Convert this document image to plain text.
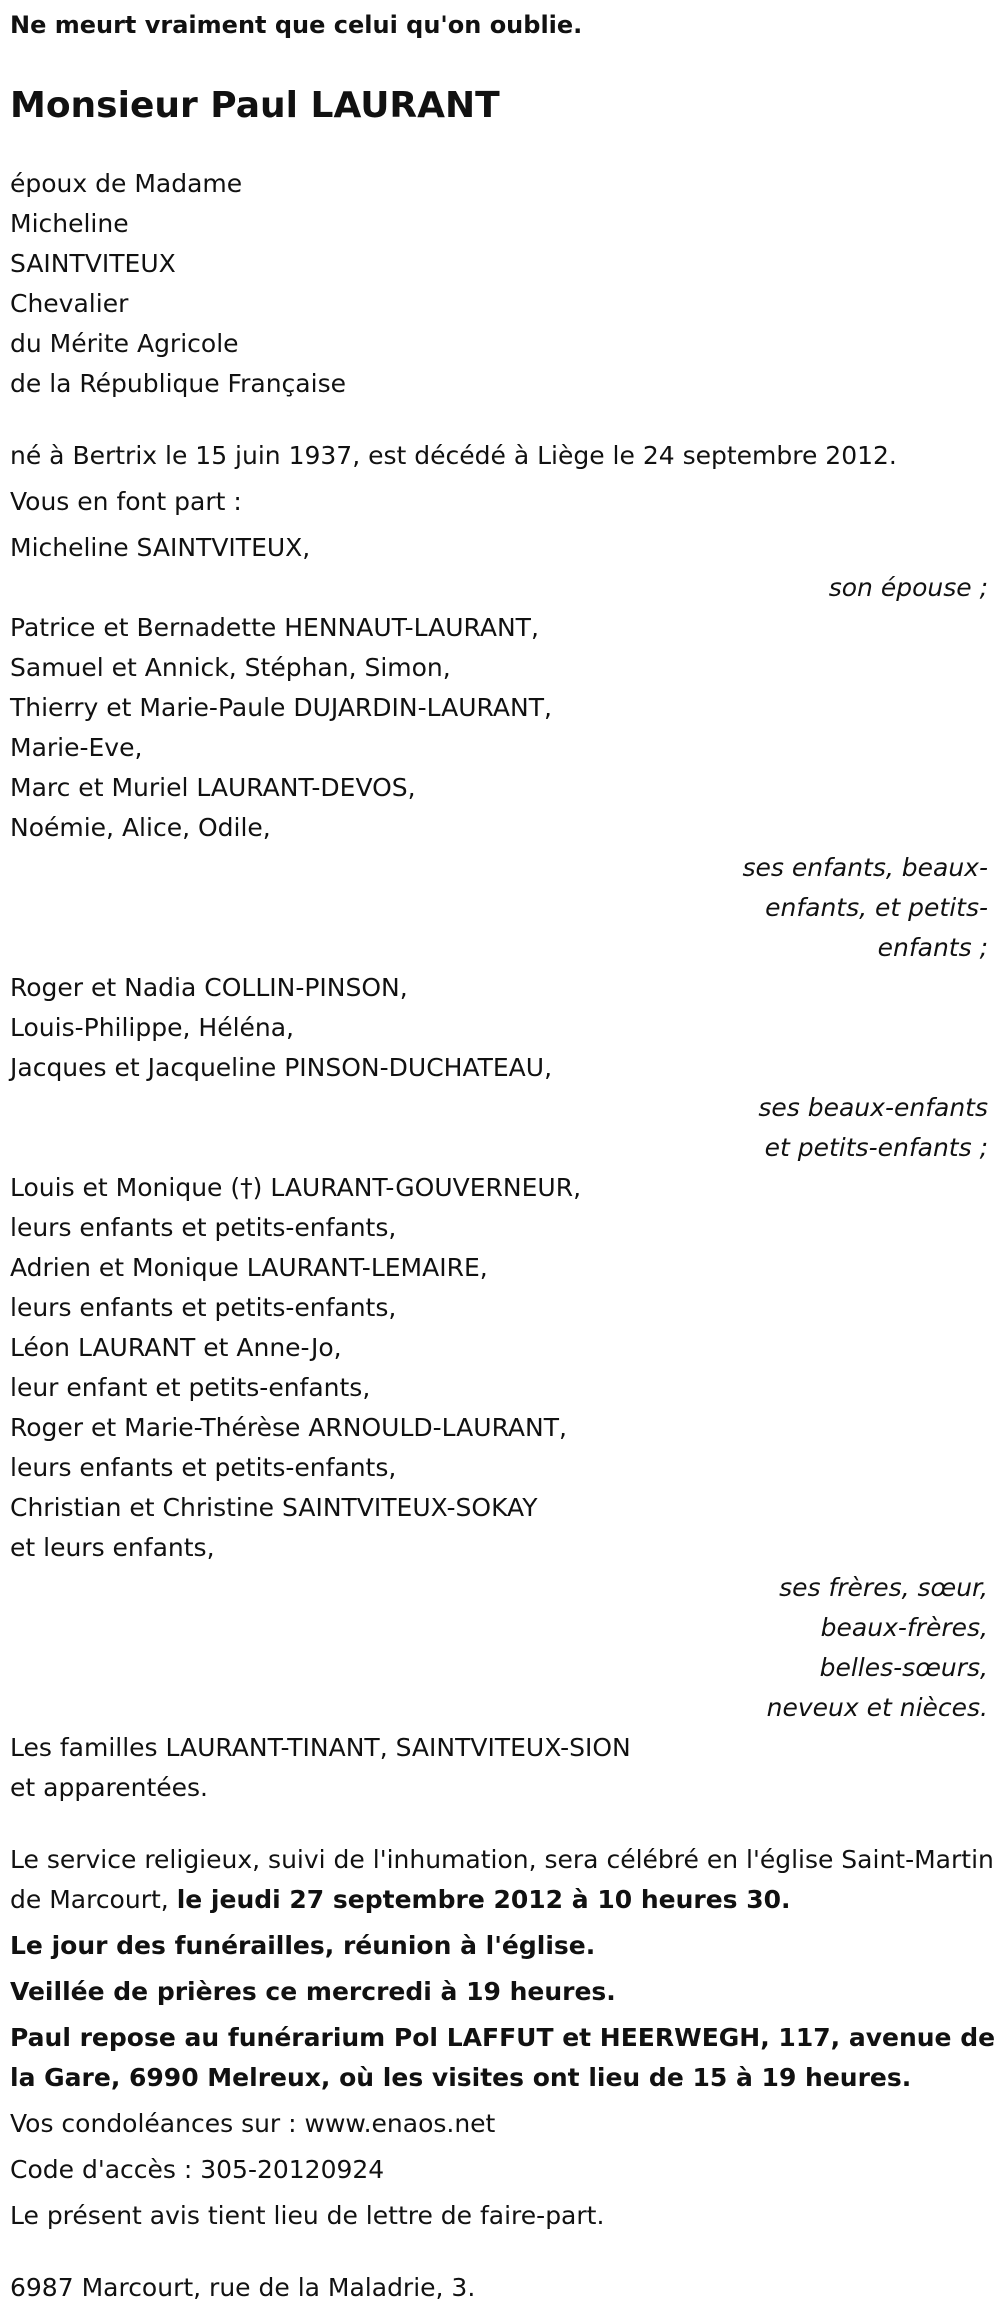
Ne meurt vraiment que celui qu'on oublie.
Monsieur Paul LAURANT
époux de Madame
Micheline
SAINTVITEUX
Chevalier
du Mérite Agricole
de la République Française
né à Bertrix le 15 juin 1937, est décédé à Liège le 24 septembre 2012.
Vous en font part :
Micheline SAINTVITEUX,
son épouse ;
Patrice et Bernadette HENNAUT-LAURANT,
Samuel et Annick, Stéphan, Simon,
Thierry et Marie-Paule DUJARDIN-LAURANT,
Marie-Eve,
Marc et Muriel LAURANT-DEVOS,
Noémie, Alice, Odile,
ses enfants, beaux-
enfants, et petits-
enfants ;
Roger et Nadia COLLIN-PINSON,
Louis-Philippe, Héléna,
Jacques et Jacqueline PINSON-DUCHATEAU,
ses beaux-enfants
et petits-enfants ;
Louis et Monique (†) LAURANT-GOUVERNEUR,
leurs enfants et petits-enfants,
Adrien et Monique LAURANT-LEMAIRE,
leurs enfants et petits-enfants,
Léon LAURANT et Anne-Jo,
leur enfant et petits-enfants,
Roger et Marie-Thérèse ARNOULD-LAURANT,
leurs enfants et petits-enfants,
Christian et Christine SAINTVITEUX-SOKAY
et leurs enfants,
ses frères, sœur,
beaux-frères,
belles-sœurs,
neveux et nièces.
Les familles LAURANT-TINANT, SAINTVITEUX-SION
et apparentées.
Le service religieux, suivi de l'inhumation, sera célébré en l'église Saint-Martin de Marcourt, le jeudi 27 septembre 2012 à 10 heures 30.
Le jour des funérailles, réunion à l'église.
Veillée de prières ce mercredi à 19 heures.
Paul repose au funérarium Pol LAFFUT et HEERWEGH, 117, avenue de la Gare, 6990 Melreux, où les visites ont lieu de 15 à 19 heures.
Vos condoléances sur : www.enaos.net
Code d'accès : 305-20120924
Le présent avis tient lieu de lettre de faire-part.
6987 Marcourt, rue de la Maladrie, 3.
